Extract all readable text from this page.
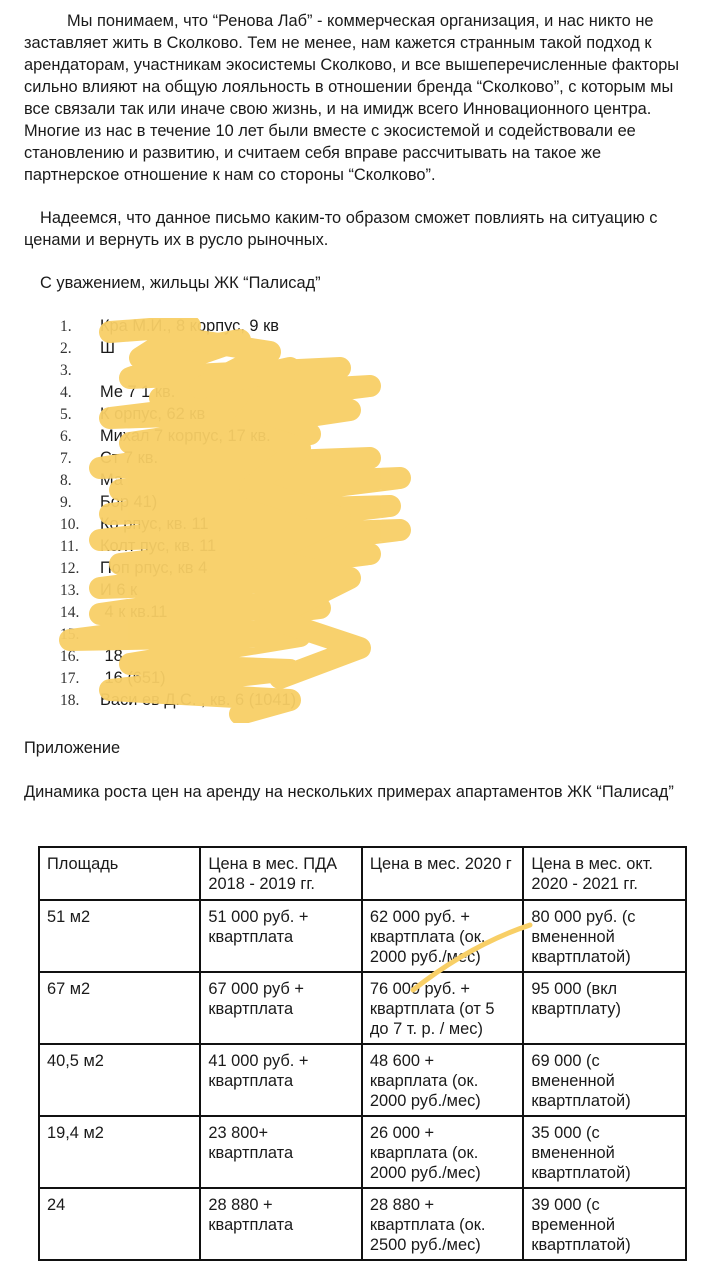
Мы понимаем, что “Ренова Лаб” - коммерческая организация, и нас никто не заставляет жить в Сколково. Тем не менее, нам кажется странным такой подход к арендаторам, участникам экосистемы Сколково, и все вышеперечисленные факторы сильно влияют на общую лояльность в отношении бренда “Сколково”, с которым мы все связали так или иначе свою жизнь, и на имидж всего Инновационного центра. Многие из нас в течение 10 лет были вместе с экосистемой и содействовали ее становлению и развитию, и считаем себя вправе рассчитывать на такое же партнерское отношение к нам со стороны “Сколково”.

Надеемся, что данное письмо каким-то образом сможет повлиять на ситуацию с ценами и вернуть их в русло рыночных.

С уважением, жильцы ЖК “Палисад”
1. Кра М.И., 8 корпус, 9 кв
2. Ш
3.
4. Ме 7 1 кв.
5. К орпус, 62 кв
6. Михал 7 корпус, 17 кв.
7. Ст 7 кв.
8. Ма
9. Бор 41)
10. Ко рпус, кв. 11
11. Колт пус, кв. 11
12. Поп рпус, кв 4
13. И 6 к
14. 4 к кв.11
15.
16. 18
17. 16 (651)
18. Васи ев Д.С. , кв. 6 (1041)
Приложение
Динамика роста цен на аренду на нескольких примерах апартаментов ЖК “Палисад”
Площадь	Цена в мес. ПДА 2018 - 2019 гг.	Цена в мес. 2020 г	Цена в мес. окт. 2020 - 2021 гг.
51 м2	51 000 руб. + квартплата	62 000 руб. + квартплата (ок. 2000 руб./мес)	80 000 руб. (с вмененной квартплатой)
67 м2	67 000 руб + квартплата	76 000 руб. + квартплата (от 5 до 7 т. р. / мес)	95 000 (вкл квартплату)
40,5 м2	41 000 руб. + квартплата	48 600 + кварплата (ок. 2000 руб./мес)	69 000 (с вмененной квартплатой)
19,4 м2	23 800+ квартплата	26 000 + кварплата (ок. 2000 руб./мес)	35 000 (с вмененной квартплатой)
24	28 880 + квартплата	28 880 + квартплата (ок. 2500 руб./мес)	39 000 (с временной квартплатой)
